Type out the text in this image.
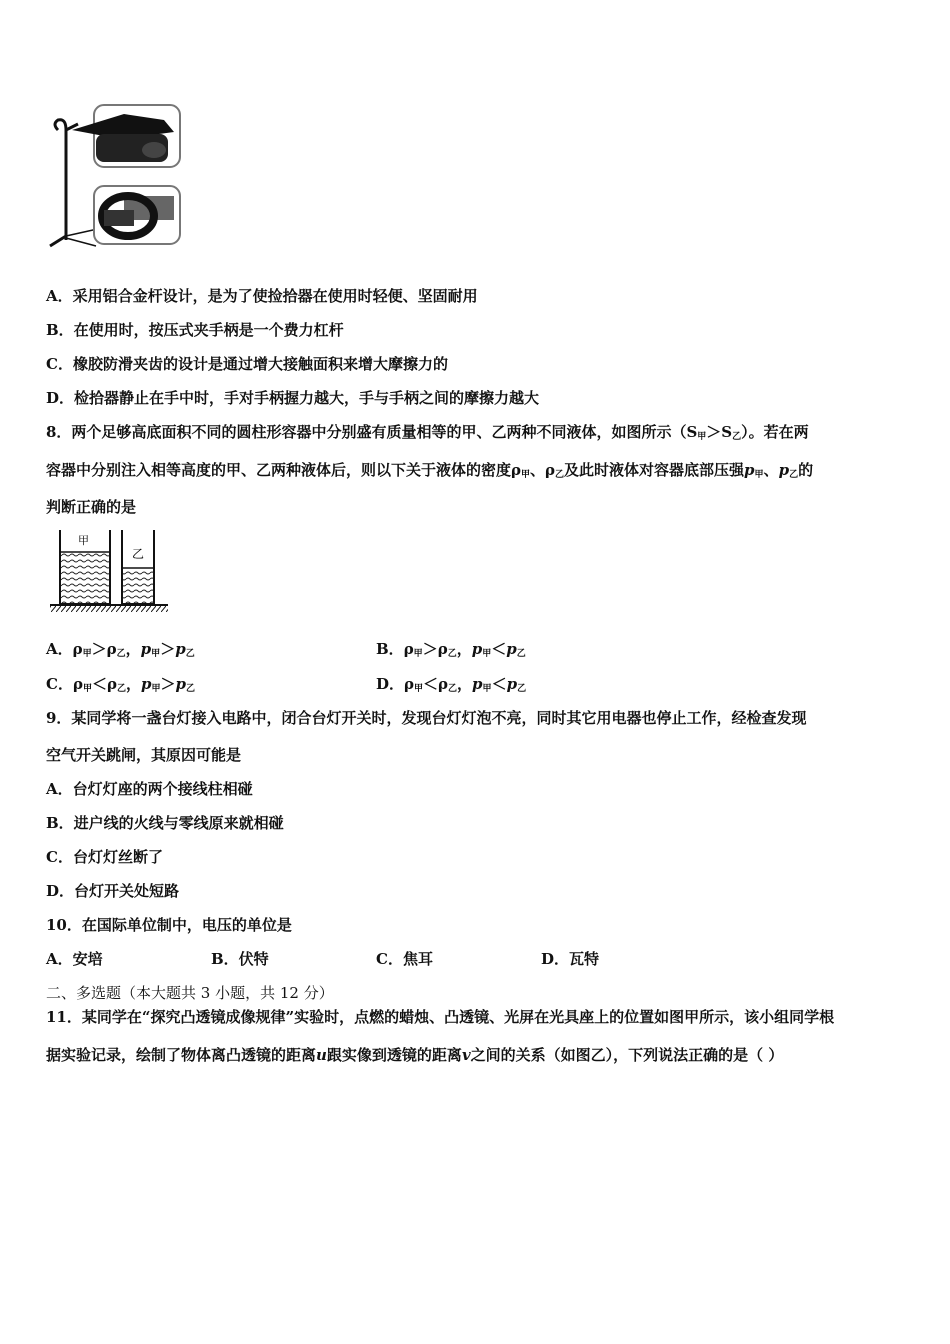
A．采用铝合金杆设计，是为了使捡拾器在使用时轻便、坚固耐用
B．在使用时，按压式夹手柄是一个费力杠杆
C．橡胶防滑夹齿的设计是通过增大接触面积来增大摩擦力的
D．检拾器静止在手中时，手对手柄握力越大，手与手柄之间的摩擦力越大
8．两个足够高底面积不同的圆柱形容器中分别盛有质量相等的甲、乙两种不同液体，如图所示$(S_甲>S_乙)$。若在两
容器中分别注入相等高度的甲、乙两种液体后，则以下关于液体的密度$\rho_甲$、$\rho_乙$及此时液体对容器底部压强$p_甲$、$p_乙$的
判断正确的是
甲
乙
A．$\rho_甲>\rho_乙$，$p_甲>p_乙$	B．$\rho_甲>\rho_乙$，$p_甲<p_乙$
C．$\rho_甲<\rho_乙$，$p_甲>p_乙$	D．$\rho_甲<\rho_乙$，$p_甲<p_乙$
9．某同学将一盏台灯接入电路中，闭合台灯开关时，发现台灯灯泡不亮，同时其它用电器也停止工作，经检查发现
空气开关跳闸，其原因可能是
A．台灯灯座的两个接线柱相碰
B．进户线的火线与零线原来就相碰
C．台灯灯丝断了
D．台灯开关处短路
10．在国际单位制中，电压的单位是
A．安培	B．伏特	C．焦耳	D．瓦特
二、多选题（本大题共 3 小题，共 12 分）
11．某同学在“探究凸透镜成像规律”实验时，点燃的蜡烛、凸透镜、光屏在光具座上的位置如图甲所示，该小组同学根
据实验记录，绘制了物体离凸透镜的距离u跟实像到透镜的距离v之间的关系（如图乙），下列说法正确的是（ ）
